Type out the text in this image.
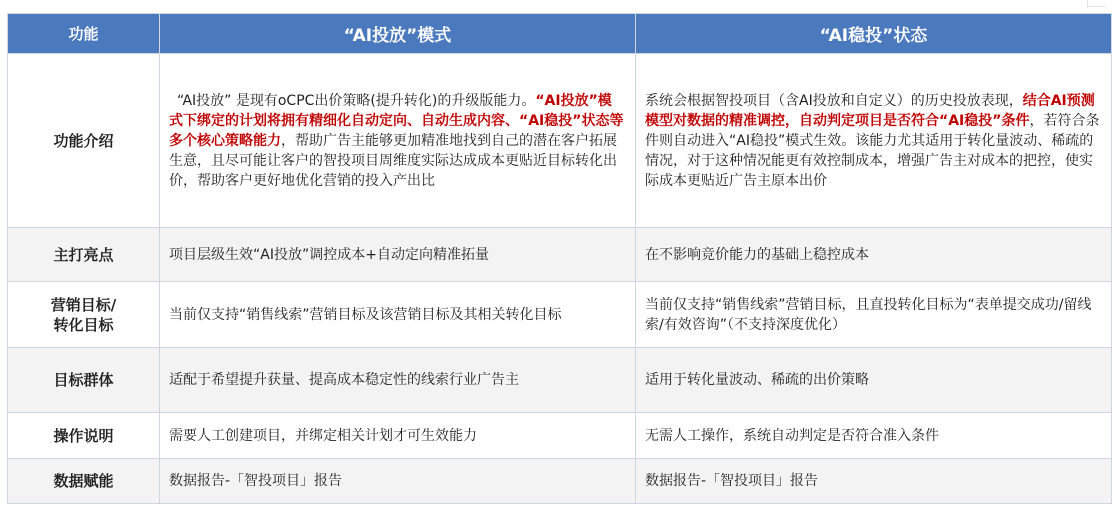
功能	“AI投放”模式	“AI稳投”状态
功能介绍	“AI投放” 是现有oCPC出价策略(提升转化)的升级版能力。“AI投放”模式下绑定的计划将拥有精细化自动定向、自动生成内容、“AI稳投”状态等多个核心策略能力，帮助广告主能够更加精准地找到自己的潜在客户拓展生意，且尽可能让客户的智投项目周维度实际达成成本更贴近目标转化出价，帮助客户更好地优化营销的投入产出比	系统会根据智投项目（含AI投放和自定义）的历史投放表现，结合AI预测模型对数据的精准调控，自动判定项目是否符合“AI稳投”条件，若符合条件则自动进入“AI稳投”模式生效。该能力尤其适用于转化量波动、稀疏的情况，对于这种情况能更有效控制成本，增强广告主对成本的把控，使实际成本更贴近广告主原本出价
主打亮点	项目层级生效“AI投放”调控成本+自动定向精准拓量	在不影响竞价能力的基础上稳控成本
营销目标/
转化目标	当前仅支持“销售线索”营销目标及该营销目标及其相关转化目标	当前仅支持“销售线索”营销目标，且直投转化目标为“表单提交成功/留线索/有效咨询”（不支持深度优化）
目标群体	适配于希望提升获量、提高成本稳定性的线索行业广告主	适用于转化量波动、稀疏的出价策略
操作说明	需要人工创建项目，并绑定相关计划才可生效能力	无需人工操作，系统自动判定是否符合准入条件
数据赋能	数据报告-「智投项目」报告	数据报告-「智投项目」报告
